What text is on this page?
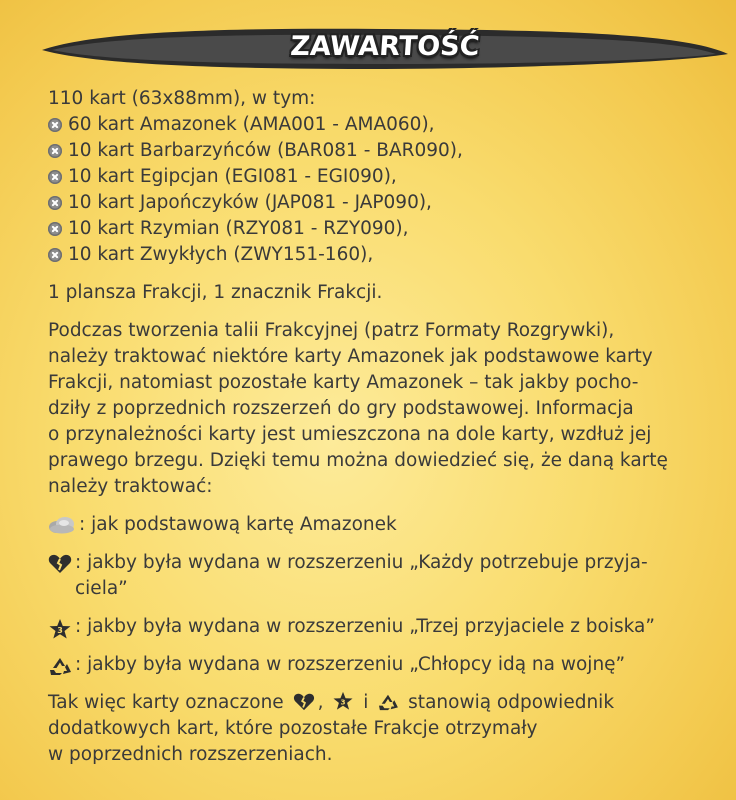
ZAWARTOŚĆ
110 kart (63x88mm), w tym:
60 kart Amazonek (AMA001 - AMA060),
10 kart Barbarzyńców (BAR081 - BAR090),
10 kart Egipcjan (EGI081 - EGI090),
10 kart Japończyków (JAP081 - JAP090),
10 kart Rzymian (RZY081 - RZY090),
10 kart Zwykłych (ZWY151-160),
1 plansza Frakcji, 1 znacznik Frakcji.
Podczas tworzenia talii Frakcyjnej (patrz Formaty Rozgrywki),
należy traktować niektóre karty Amazonek jak podstawowe karty
Frakcji, natomiast pozostałe karty Amazonek – tak jakby pocho-
dziły z poprzednich rozszerzeń do gry podstawowej. Informacja
o przynależności karty jest umieszczona na dole karty, wzdłuż jej
prawego brzegu. Dzięki temu można dowiedzieć się, że daną kartę
należy traktować:
: jak podstawową kartę Amazonek
: jakby była wydana w rozszerzeniu „Każdy potrzebuje przyja-
ciela”
3 : jakby była wydana w rozszerzeniu „Trzej przyjaciele z boiska”
: jakby była wydana w rozszerzeniu „Chłopcy idą na wojnę”
Tak więc karty oznaczone , 3 i stanowią odpowiednik
dodatkowych kart, które pozostałe Frakcje otrzymały
w poprzednich rozszerzeniach.
